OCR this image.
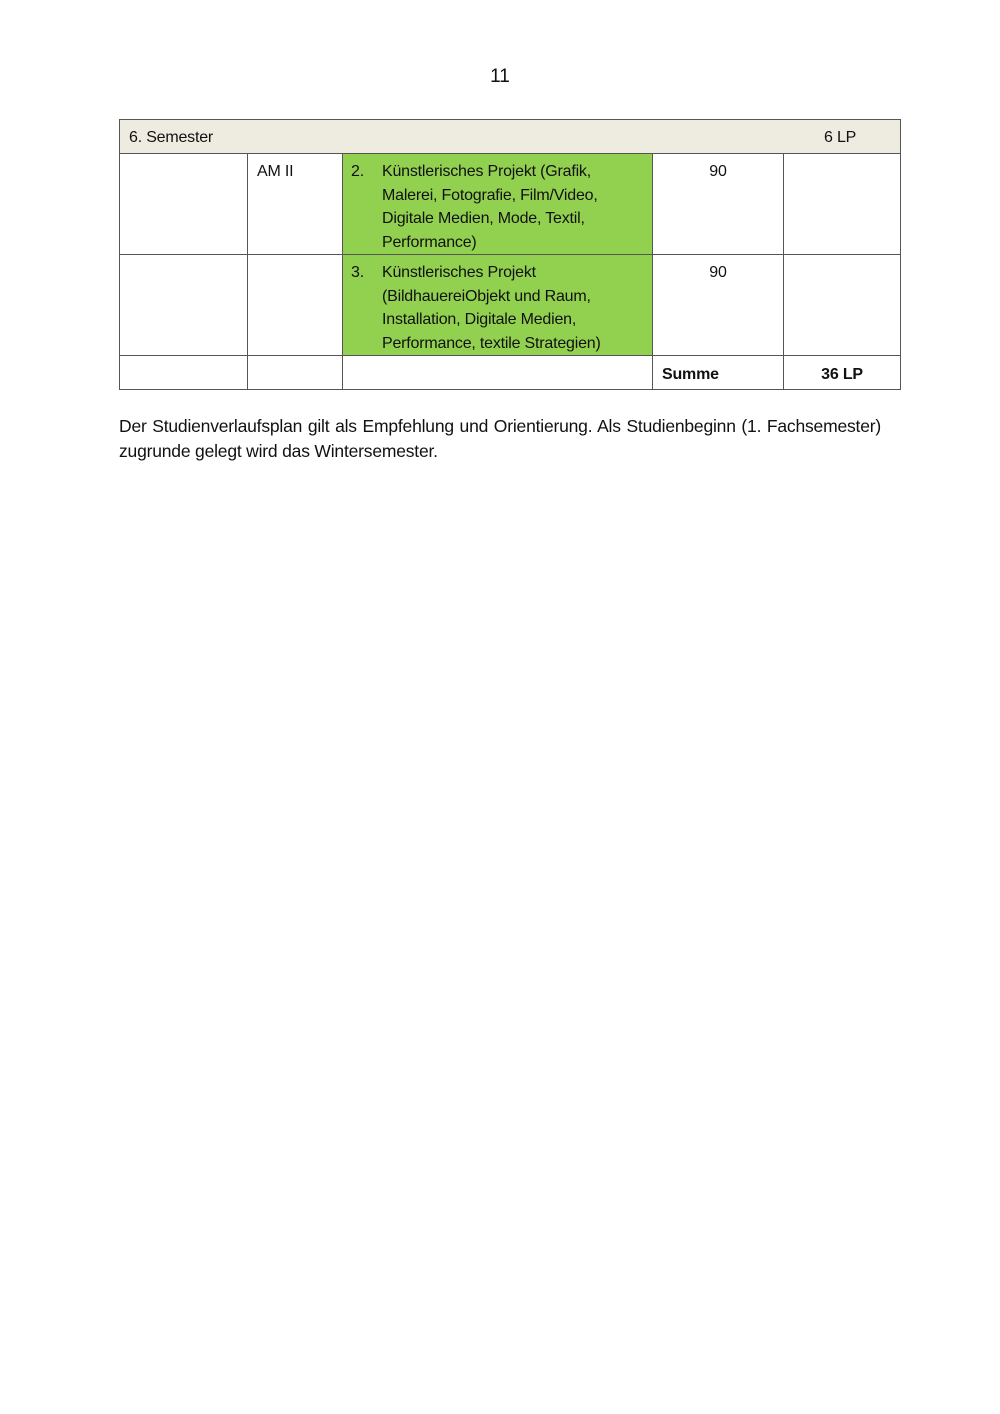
11
6. Semester 6 LP				

	AM II	2. Künstlerisches Projekt (Grafik, Malerei, Fotografie, Film/Video, Digitale Medien, Mode, Textil, Performance)	90	

		3. Künstlerisches Projekt (BildhauereiObjekt und Raum, Installation, Digitale Medien, Performance, textile Strategien)	90	

			Summe	36 LP

Der Studienverlaufsplan gilt als Empfehlung und Orientierung. Als Studienbeginn (1. Fachsemester) zugrunde gelegt wird das Wintersemester.
